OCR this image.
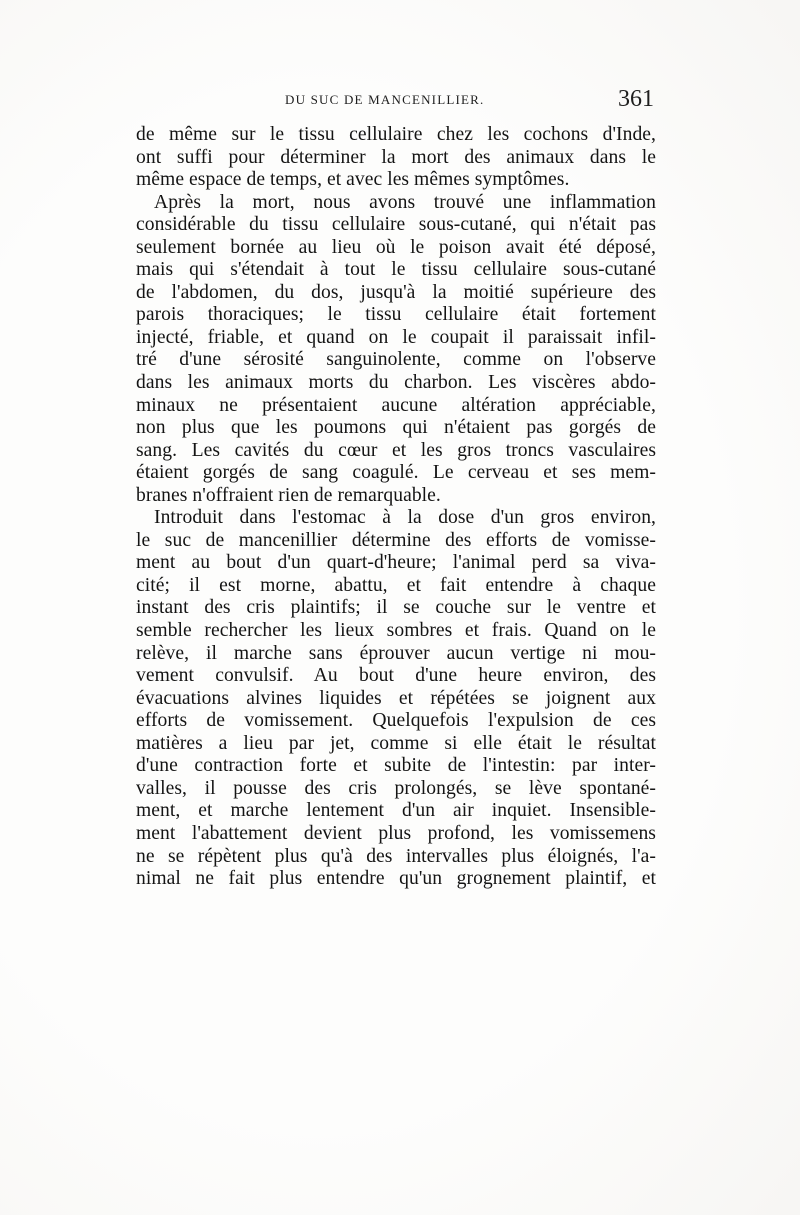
DU SUC DE MANCENILLIER.	361
de même sur le tissu cellulaire chez les cochons d'Inde,
ont suffi pour déterminer la mort des animaux dans le
même espace de temps, et avec les mêmes symptômes.
Après la mort, nous avons trouvé une inflammation
considérable du tissu cellulaire sous-cutané, qui n'était pas
seulement bornée au lieu où le poison avait été déposé,
mais qui s'étendait à tout le tissu cellulaire sous-cutané
de l'abdomen, du dos, jusqu'à la moitié supérieure des
parois thoraciques; le tissu cellulaire était fortement
injecté, friable, et quand on le coupait il paraissait infil-
tré d'une sérosité sanguinolente, comme on l'observe
dans les animaux morts du charbon. Les viscères abdo-
minaux ne présentaient aucune altération appréciable,
non plus que les poumons qui n'étaient pas gorgés de
sang. Les cavités du cœur et les gros troncs vasculaires
étaient gorgés de sang coagulé. Le cerveau et ses mem-
branes n'offraient rien de remarquable.
Introduit dans l'estomac à la dose d'un gros environ,
le suc de mancenillier détermine des efforts de vomisse-
ment au bout d'un quart-d'heure; l'animal perd sa viva-
cité; il est morne, abattu, et fait entendre à chaque
instant des cris plaintifs; il se couche sur le ventre et
semble rechercher les lieux sombres et frais. Quand on le
relève, il marche sans éprouver aucun vertige ni mou-
vement convulsif. Au bout d'une heure environ, des
évacuations alvines liquides et répétées se joignent aux
efforts de vomissement. Quelquefois l'expulsion de ces
matières a lieu par jet, comme si elle était le résultat
d'une contraction forte et subite de l'intestin: par inter-
valles, il pousse des cris prolongés, se lève spontané-
ment, et marche lentement d'un air inquiet. Insensible-
ment l'abattement devient plus profond, les vomissemens
ne se répètent plus qu'à des intervalles plus éloignés, l'a-
nimal ne fait plus entendre qu'un grognement plaintif, et
